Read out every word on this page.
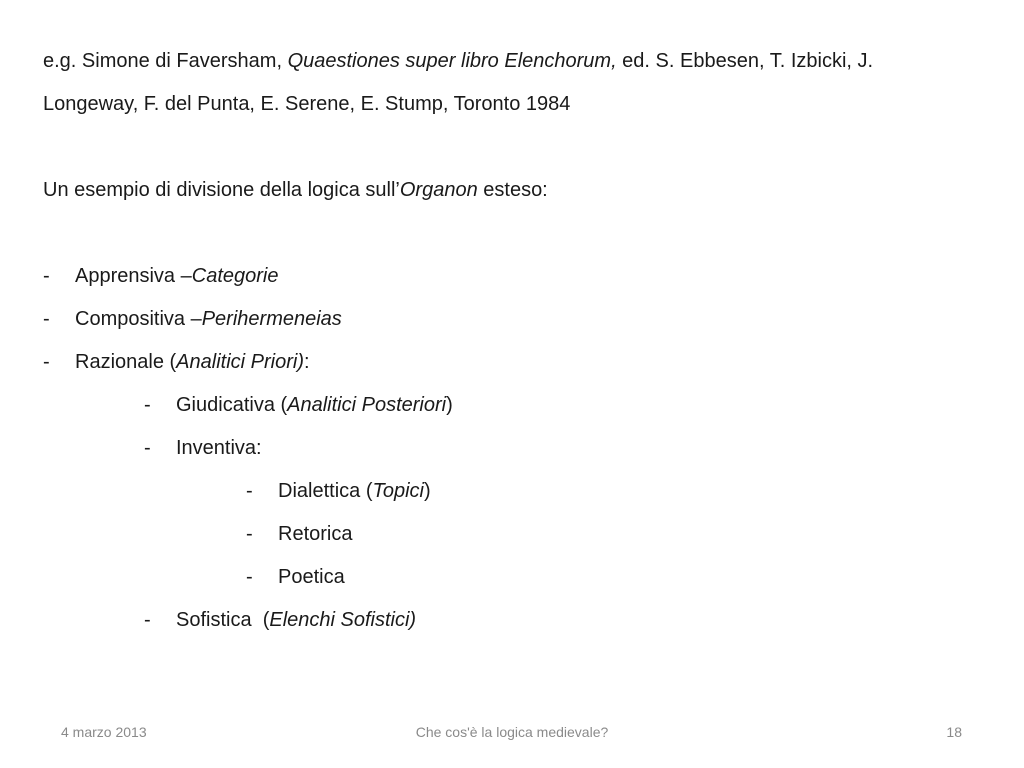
e.g. Simone di Faversham, Quaestiones super libro Elenchorum, ed. S. Ebbesen, T. Izbicki, J.
Longeway, F. del Punta, E. Serene, E. Stump, Toronto 1984
Un esempio di divisione della logica sull’Organon esteso:
-	Apprensiva – Categorie
-	Compositiva – Perihermeneias
-	Razionale ( Analitici Priori) :
-	Giudicativa ( Analitici Posteriori )
-	Inventiva:
-	Dialettica ( Topici )
-	Retorica
-	Poetica
-	Sofistica  ( Elenchi Sofistici)
4 marzo 2013	Che cos'è la logica medievale?	18
